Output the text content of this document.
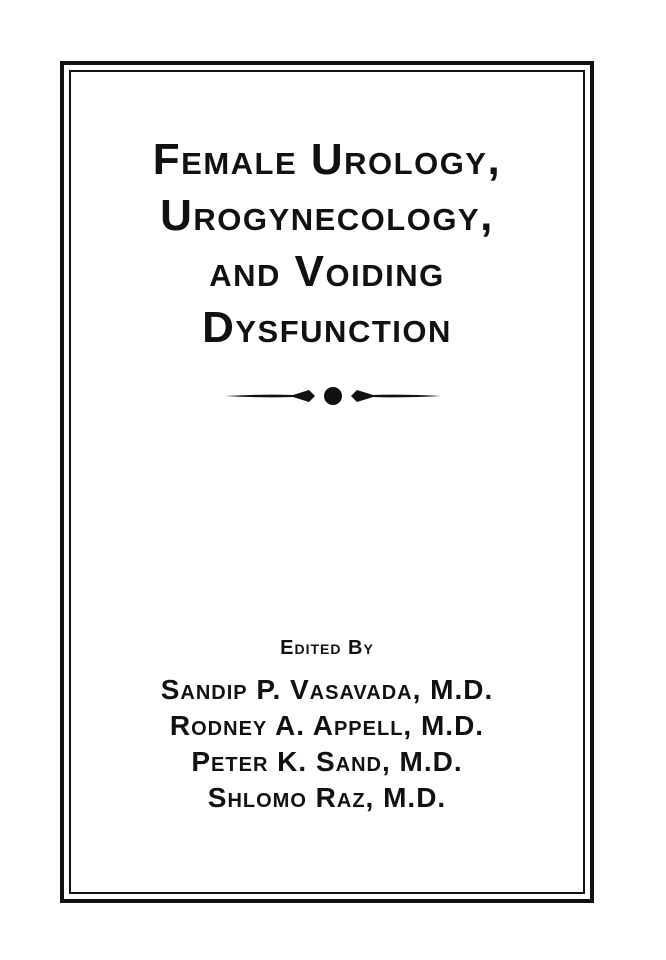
Female Urology,
Urogynecology,
and Voiding
Dysfunction
Edited By
Sandip P. Vasavada, M.D.
Rodney A. Appell, M.D.
Peter K. Sand, M.D.
Shlomo Raz, M.D.
